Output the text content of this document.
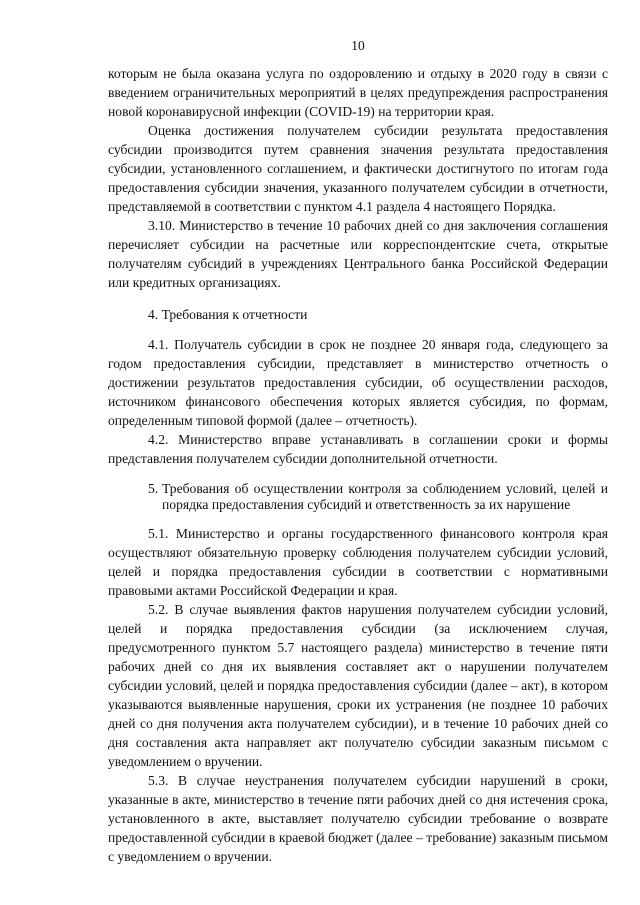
10

которым не была оказана услуга по оздоровлению и отдыху в 2020 году в связи с введением ограничительных мероприятий в целях предупреждения распространения новой коронавирусной инфекции (COVID-19) на территории края.

Оценка достижения получателем субсидии результата предоставления субсидии производится путем сравнения значения результата предоставления субсидии, установленного соглашением, и фактически достигнутого по итогам года предоставления субсидии значения, указанного получателем субсидии в отчетности, представляемой в соответствии с пунктом 4.1 раздела 4 настоящего Порядка.

3.10. Министерство в течение 10 рабочих дней со дня заключения соглашения перечисляет субсидии на расчетные или корреспондентские счета, открытые получателям субсидий в учреждениях Центрального банка Российской Федерации или кредитных организациях.

4. Требования к отчетности

4.1. Получатель субсидии в срок не позднее 20 января года, следующего за годом предоставления субсидии, представляет в министерство отчетность о достижении результатов предоставления субсидии, об осуществлении расходов, источником финансового обеспечения которых является субсидия, по формам, определенным типовой формой (далее – отчетность).

4.2. Министерство вправе устанавливать в соглашении сроки и формы представления получателем субсидии дополнительной отчетности.

5. Требования об осуществлении контроля за соблюдением условий, целей и порядка предоставления субсидий и ответственность за их нарушение

5.1. Министерство и органы государственного финансового контроля края осуществляют обязательную проверку соблюдения получателем субсидии условий, целей и порядка предоставления субсидии в соответствии с нормативными правовыми актами Российской Федерации и края.

5.2. В случае выявления фактов нарушения получателем субсидии условий, целей и порядка предоставления субсидии (за исключением случая, предусмотренного пунктом 5.7 настоящего раздела) министерство в течение пяти рабочих дней со дня их выявления составляет акт о нарушении получателем субсидии условий, целей и порядка предоставления субсидии (далее – акт), в котором указываются выявленные нарушения, сроки их устранения (не позднее 10 рабочих дней со дня получения акта получателем субсидии), и в течение 10 рабочих дней со дня составления акта направляет акт получателю субсидии заказным письмом с уведомлением о вручении.

5.3. В случае неустранения получателем субсидии нарушений в сроки, указанные в акте, министерство в течение пяти рабочих дней со дня истечения срока, установленного в акте, выставляет получателю субсидии требование о возврате предоставленной субсидии в краевой бюджет (далее – требование) заказным письмом с уведомлением о вручении.
